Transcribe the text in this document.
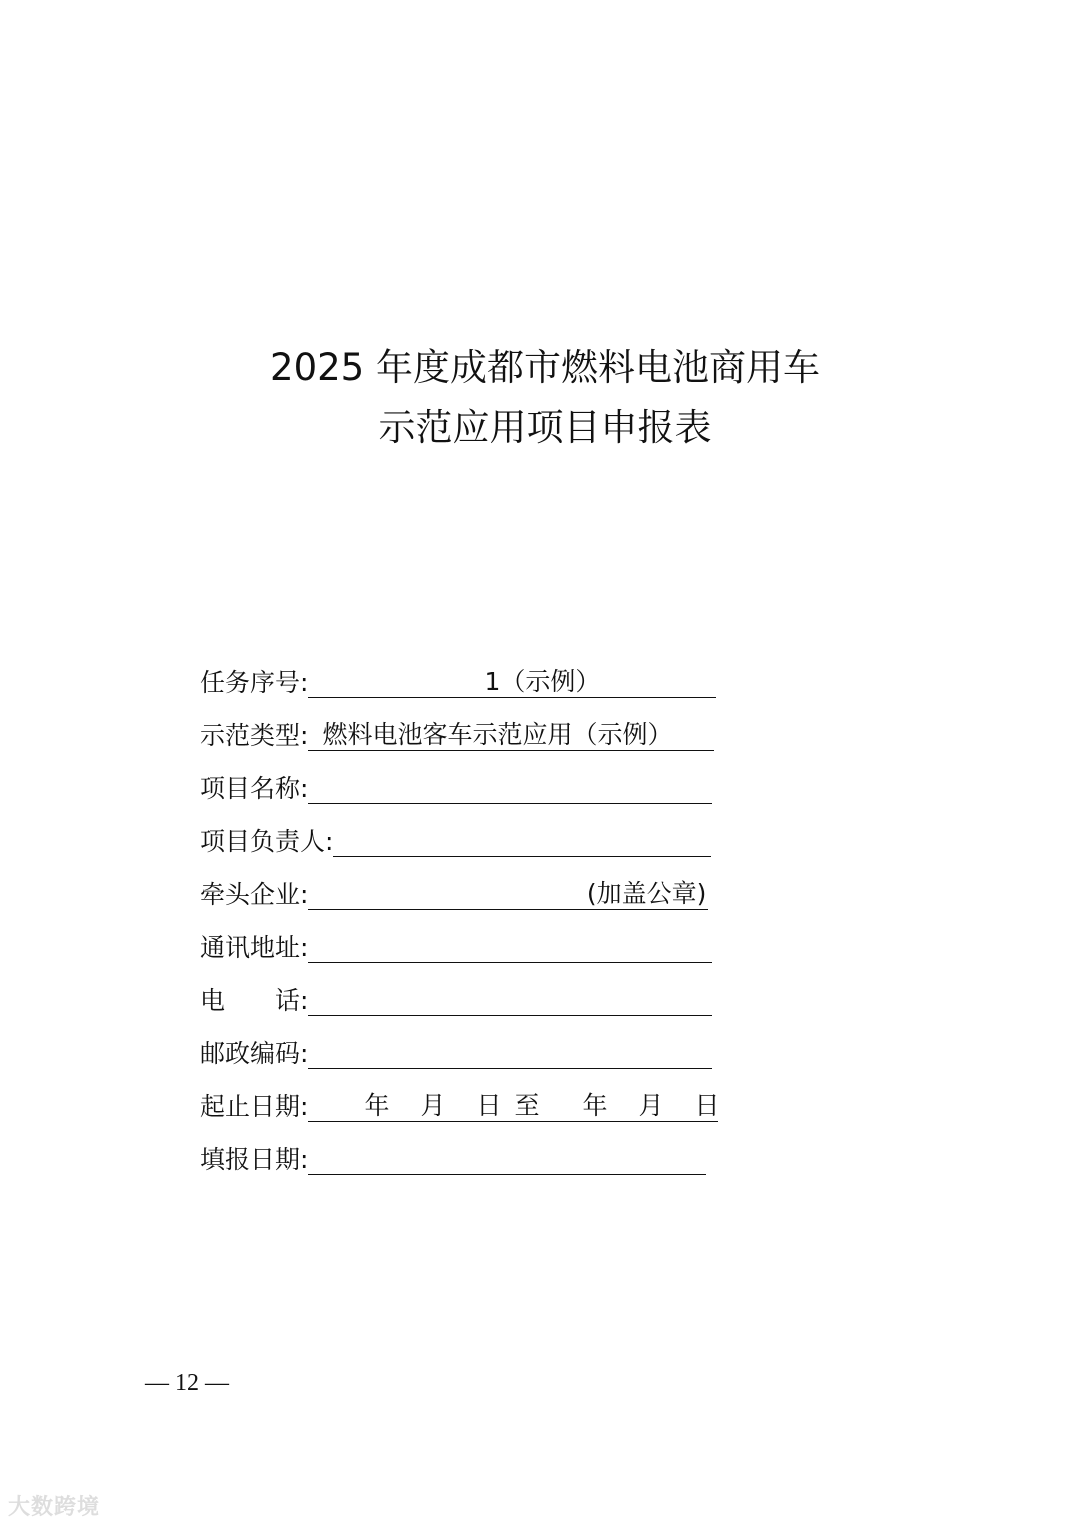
2025 年度成都市燃料电池商用车
示范应用项目申报表
任务序号:	1（示例）
示范类型: 燃料电池客车示范应用（示例）
项目名称:
项目负责人:
牵头企业:	(加盖公章)
通讯地址:
电　　话:
邮政编码:
起止日期: 年 月 日 至 年 月 日
填报日期:
— 12 —
大数跨境
